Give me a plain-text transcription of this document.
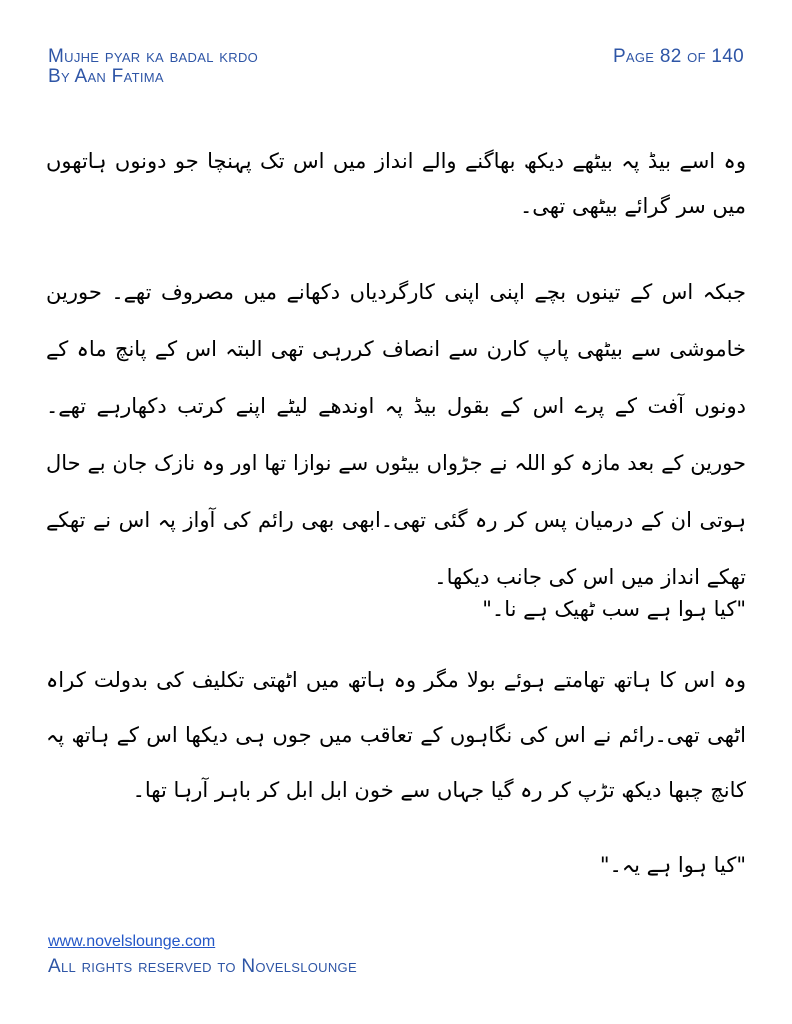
Mujhe pyar ka badal krdo
By Aan Fatima
Page 82 of 140

وہ اسے بیڈ پہ بیٹھے دیکھ بھاگنے والے انداز میں اس تک پہنچا جو دونوں ہاتھوں میں سر گرائے بیٹھی تھی۔

جبکہ اس کے تینوں بچے اپنی اپنی کارگردیاں دکھانے میں مصروف تھے۔ حورین خاموشی سے بیٹھی پاپ کارن سے انصاف کررہی تھی البتہ اس کے پانچ ماہ کے دونوں آفت کے پرے اس کے بقول بیڈ پہ اوندھے لیٹے اپنے کرتب دکھارہے تھے۔ حورین کے بعد مازہ کو اللہ نے جڑواں بیٹوں سے نوازا تھا اور وہ نازک جان بے حال ہوتی ان کے درمیان پس کر رہ گئی تھی۔ابھی بھی رائم کی آواز پہ اس نے تھکے تھکے انداز میں اس کی جانب دیکھا۔

"کیا ہوا ہے سب ٹھیک ہے نا۔"

وہ اس کا ہاتھ تھامتے ہوئے بولا مگر وہ ہاتھ میں اٹھتی تکلیف کی بدولت کراہ اٹھی تھی۔رائم نے اس کی نگاہوں کے تعاقب میں جوں ہی دیکھا اس کے ہاتھ پہ کانچ چبھا دیکھ تڑپ کر رہ گیا جہاں سے خون ابل ابل کر باہر آرہا تھا۔

"کیا ہوا ہے یہ۔"

www.novelslounge.com
All rights reserved to Novelslounge
